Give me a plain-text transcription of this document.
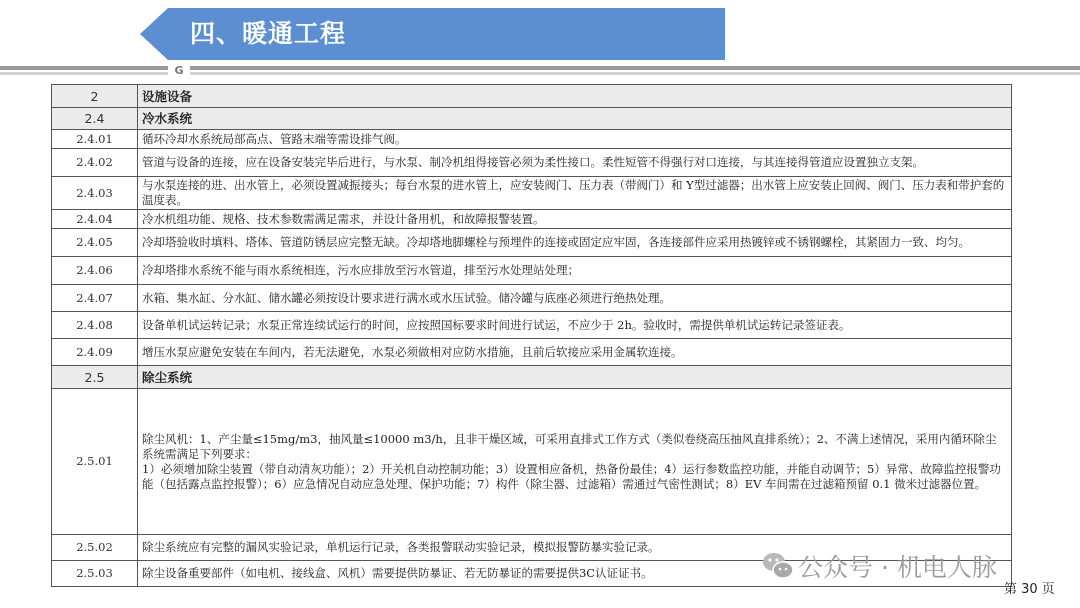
四、暖通工程
G
2	设施设备
2.4	冷水系统
2.4.01	循环冷却水系统局部高点、管路末端等需设排气阀。
2.4.02	管道与设备的连接，应在设备安装完毕后进行，与水泵、制冷机组得接管必须为柔性接口。柔性短管不得强行对口连接，与其连接得管道应设置独立支架。
2.4.03	与水泵连接的进、出水管上，必须设置减振接头；每台水泵的进水管上，应安装阀门、压力表（带阀门）和 Y型过滤器；出水管上应安装止回阀、阀门、压力表和带护套的温度表。
2.4.04	冷水机组功能、规格、技术参数需满足需求，并设计备用机，和故障报警装置。
2.4.05	冷却塔验收时填料、塔体、管道防锈层应完整无缺。冷却塔地脚螺栓与预埋件的连接或固定应牢固，各连接部件应采用热镀锌或不锈钢螺栓，其紧固力一致、均匀。
2.4.06	冷却塔排水系统不能与雨水系统相连，污水应排放至污水管道，排至污水处理站处理；
2.4.07	水箱、集水缸、分水缸、储水罐必须按设计要求进行满水或水压试验。储冷罐与底座必须进行绝热处理。
2.4.08	设备单机试运转记录；水泵正常连续试运行的时间，应按照国标要求时间进行试运，不应少于 2h。验收时，需提供单机试运转记录签证表。
2.4.09	增压水泵应避免安装在车间内，若无法避免，水泵必须做相对应防水措施，且前后软接应采用金属软连接。
2.5	除尘系统
2.5.01	除尘风机：1、产尘量≤15mg/m3，抽风量≤10000 m3/h，且非干燥区域，可采用直排式工作方式（类似卷绕高压抽风直排系统）；2、不满上述情况，采用内循环除尘系统需满足下列要求：
1）必须增加除尘装置（带自动清灰功能）；2）开关机自动控制功能；3）设置相应备机，热备份最佳；4）运行参数监控功能，并能自动调节；5）异常、故障监控报警功能（包括露点监控报警）；6）应急情况自动应急处理、保护功能；7）构件（除尘器、过滤箱）需通过气密性测试；8）EV 车间需在过滤箱预留 0.1 微米过滤器位置。
2.5.02	除尘系统应有完整的漏风实验记录，单机运行记录，各类报警联动实验记录，模拟报警防暴实验记录。
2.5.03	除尘设备重要部件（如电机、接线盒、风机）需要提供防暴证、若无防暴证的需要提供3C认证证书。	公众号 · 机电人脉
第 30 页
